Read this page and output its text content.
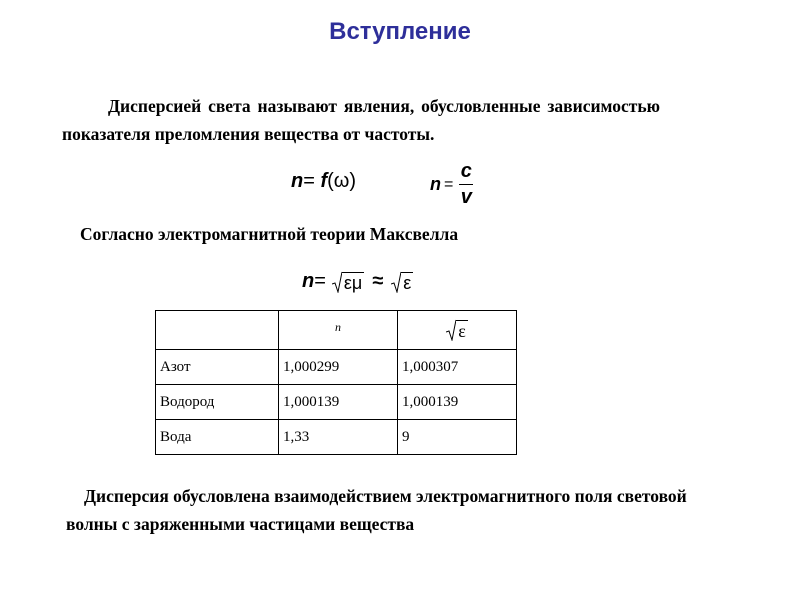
Вступление
Дисперсией света называют явления, обусловленные зависимостью показателя преломления вещества от частоты.
n= f(ω)	$n = \frac{c}{v}$
Согласно электромагнитной теории Максвелла
n = εμ ≈ ε

	n	ε

Азот	1,000299	1,000307
Водород	1,000139	1,000139
Вода	1,33	9
Дисперсия обусловлена взаимодействием электромагнитного поля световой волны с заряженными частицами вещества
